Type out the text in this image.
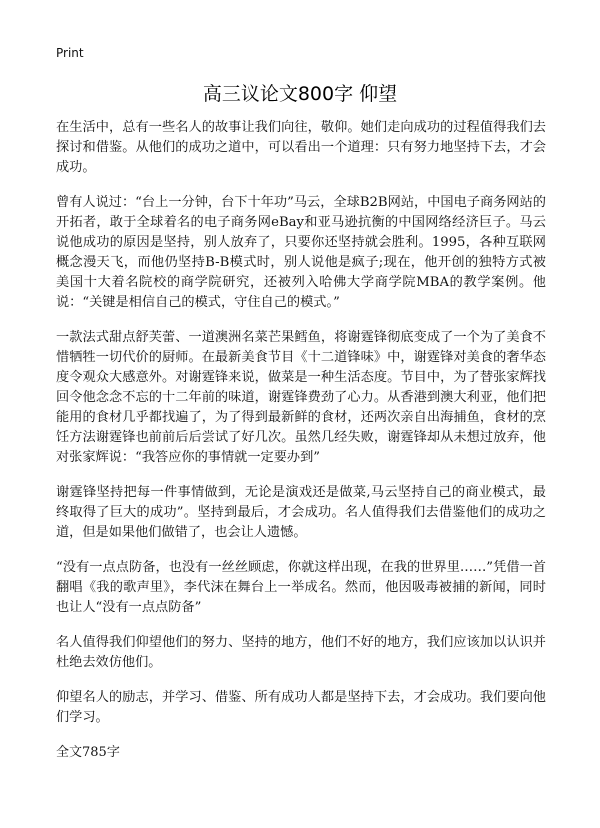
Print
高三议论文800字 仰望

在生活中，总有一些名人的故事让我们向往，敬仰。她们走向成功的过程值得我们去探讨和借鉴。从他们的成功之道中，可以看出一个道理：只有努力地坚持下去，才会成功。

曾有人说过：“台上一分钟，台下十年功”马云，全球B2B网站，中国电子商务网站的开拓者，敢于全球着名的电子商务网eBay和亚马逊抗衡的中国网络经济巨子。马云说他成功的原因是坚持，别人放弃了，只要你还坚持就会胜利。1995，各种互联网概念漫天飞，而他仍坚持B-B模式时，别人说他是疯子;现在，他开创的独特方式被美国十大着名院校的商学院研究，还被列入哈佛大学商学院MBA的教学案例。他说：“关键是相信自己的模式，守住自己的模式。”

一款法式甜点舒芙蕾、一道澳洲名菜芒果鳕鱼，将谢霆锋彻底变成了一个为了美食不惜牺牲一切代价的厨师。在最新美食节目《十二道锋味》中，谢霆锋对美食的奢华态度令观众大感意外。对谢霆锋来说，做菜是一种生活态度。节目中，为了替张家辉找回令他念念不忘的十二年前的味道，谢霆锋费劲了心力。从香港到澳大利亚，他们把能用的食材几乎都找遍了，为了得到最新鲜的食材，还两次亲自出海捕鱼，食材的烹饪方法谢霆锋也前前后后尝试了好几次。虽然几经失败，谢霆锋却从未想过放弃，他对张家辉说：“我答应你的事情就一定要办到”

谢霆锋坚持把每一件事情做到，无论是演戏还是做菜,马云坚持自己的商业模式，最终取得了巨大的成功”。坚持到最后，才会成功。名人值得我们去借鉴他们的成功之道，但是如果他们做错了，也会让人遗憾。

“没有一点点防备，也没有一丝丝顾虑，你就这样出现，在我的世界里……”凭借一首翻唱《我的歌声里》，李代沫在舞台上一举成名。然而，他因吸毒被捕的新闻，同时也让人“没有一点点防备”

名人值得我们仰望他们的努力、坚持的地方，他们不好的地方，我们应该加以认识并杜绝去效仿他们。

仰望名人的励志，并学习、借鉴、所有成功人都是坚持下去，才会成功。我们要向他们学习。

全文785字
